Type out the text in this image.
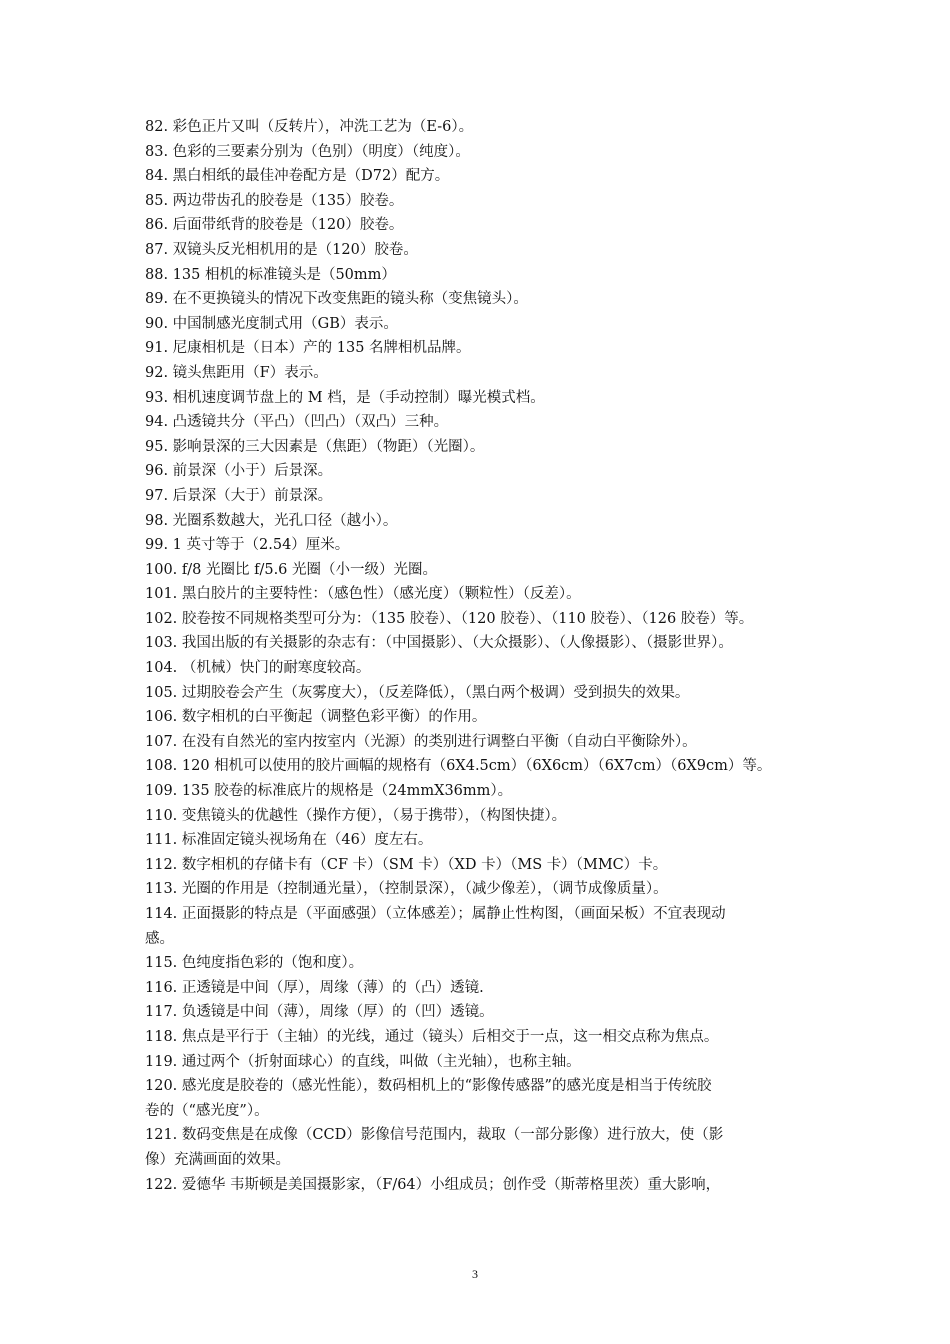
82. 彩色正片又叫（反转片），冲洗工艺为（E-6）。
83. 色彩的三要素分别为（色别）（明度）（纯度）。
84. 黑白相纸的最佳冲卷配方是（D72）配方。
85. 两边带齿孔的胶卷是（135）胶卷。
86. 后面带纸背的胶卷是（120）胶卷。
87. 双镜头反光相机用的是（120）胶卷。
88. 135 相机的标准镜头是（50mm）
89. 在不更换镜头的情况下改变焦距的镜头称（变焦镜头）。
90. 中国制感光度制式用（GB）表示。
91. 尼康相机是（日本）产的 135 名牌相机品牌。
92. 镜头焦距用（F）表示。
93. 相机速度调节盘上的 M 档，是（手动控制）曝光模式档。
94. 凸透镜共分（平凸）（凹凸）（双凸）三种。
95. 影响景深的三大因素是（焦距）（物距）（光圈）。
96. 前景深（小于）后景深。
97. 后景深（大于）前景深。
98. 光圈系数越大，光孔口径（越小）。
99. 1 英寸等于（2.54）厘米。
100. f/8 光圈比 f/5.6 光圈（小一级）光圈。
101. 黑白胶片的主要特性：（感色性）（感光度）（颗粒性）（反差）。
102. 胶卷按不同规格类型可分为：（135 胶卷）、（120 胶卷）、（110 胶卷）、（126 胶卷）等。
103. 我国出版的有关摄影的杂志有：（中国摄影）、（大众摄影）、（人像摄影）、（摄影世界）。
104. （机械）快门的耐寒度较高。
105. 过期胶卷会产生（灰雾度大），（反差降低），（黑白两个极调）受到损失的效果。
106. 数字相机的白平衡起（调整色彩平衡）的作用。
107. 在没有自然光的室内按室内（光源）的类别进行调整白平衡（自动白平衡除外）。
108. 120 相机可以使用的胶片画幅的规格有（6X4.5cm）（6X6cm）（6X7cm）（6X9cm）等。
109. 135 胶卷的标准底片的规格是（24mmX36mm）。
110. 变焦镜头的优越性（操作方便），（易于携带），（构图快捷）。
111. 标准固定镜头视场角在（46）度左右。
112. 数字相机的存储卡有（CF 卡）（SM 卡）（XD 卡）（MS 卡）（MMC）卡。
113. 光圈的作用是（控制通光量），（控制景深），（减少像差），（调节成像质量）。
114. 正面摄影的特点是（平面感强）（立体感差）；属静止性构图，（画面呆板）不宜表现动
感。
115. 色纯度指色彩的（饱和度）。
116. 正透镜是中间（厚），周缘（薄）的（凸）透镜.
117. 负透镜是中间（薄），周缘（厚）的（凹）透镜。
118. 焦点是平行于（主轴）的光线，通过（镜头）后相交于一点，这一相交点称为焦点。
119. 通过两个（折射面球心）的直线，叫做（主光轴），也称主轴。
120. 感光度是胶卷的（感光性能），数码相机上的“影像传感器”的感光度是相当于传统胶
卷的（“感光度”）。
121. 数码变焦是在成像（CCD）影像信号范围内，裁取（一部分影像）进行放大，使（影
像）充满画面的效果。
122. 爱德华 韦斯顿是美国摄影家，（F/64）小组成员；创作受（斯蒂格里茨）重大影响，
3
